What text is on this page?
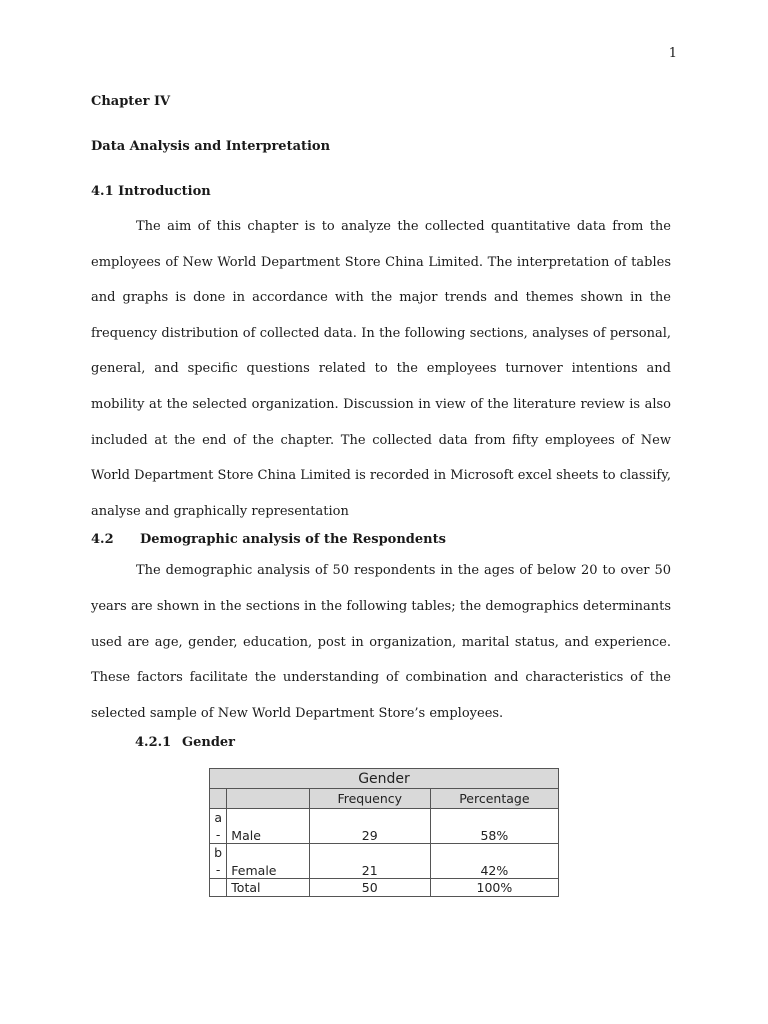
1

Chapter IV

Data Analysis and Interpretation

4.1 Introduction

The aim of this chapter is to analyze the collected quantitative data from the employees of New World Department Store China Limited. The interpretation of tables and graphs is done in accordance with the major trends and themes shown in the frequency distribution of collected data. In the following sections, analyses of personal, general, and specific questions related to the employees turnover intentions and mobility at the selected organization. Discussion in view of the literature review is also included at the end of the chapter. The collected data from fifty employees of New World Department Store China Limited is recorded in Microsoft excel sheets to classify, analyse and graphically representation

4.2	Demographic analysis of the Respondents

The demographic analysis of 50 respondents in the ages of below 20 to over 50 years are shown in the sections in the following tables; the demographics determinants used are age, gender, education, post in organization, marital status, and experience. These factors facilitate the understanding of combination and characteristics of the selected sample of New World Department Store’s employees.

4.2.1 Gender

Gender			
		Frequency	Percentage

a
-	Male	29	58%

b
-	Female	21	42%
	Total	50	100%
